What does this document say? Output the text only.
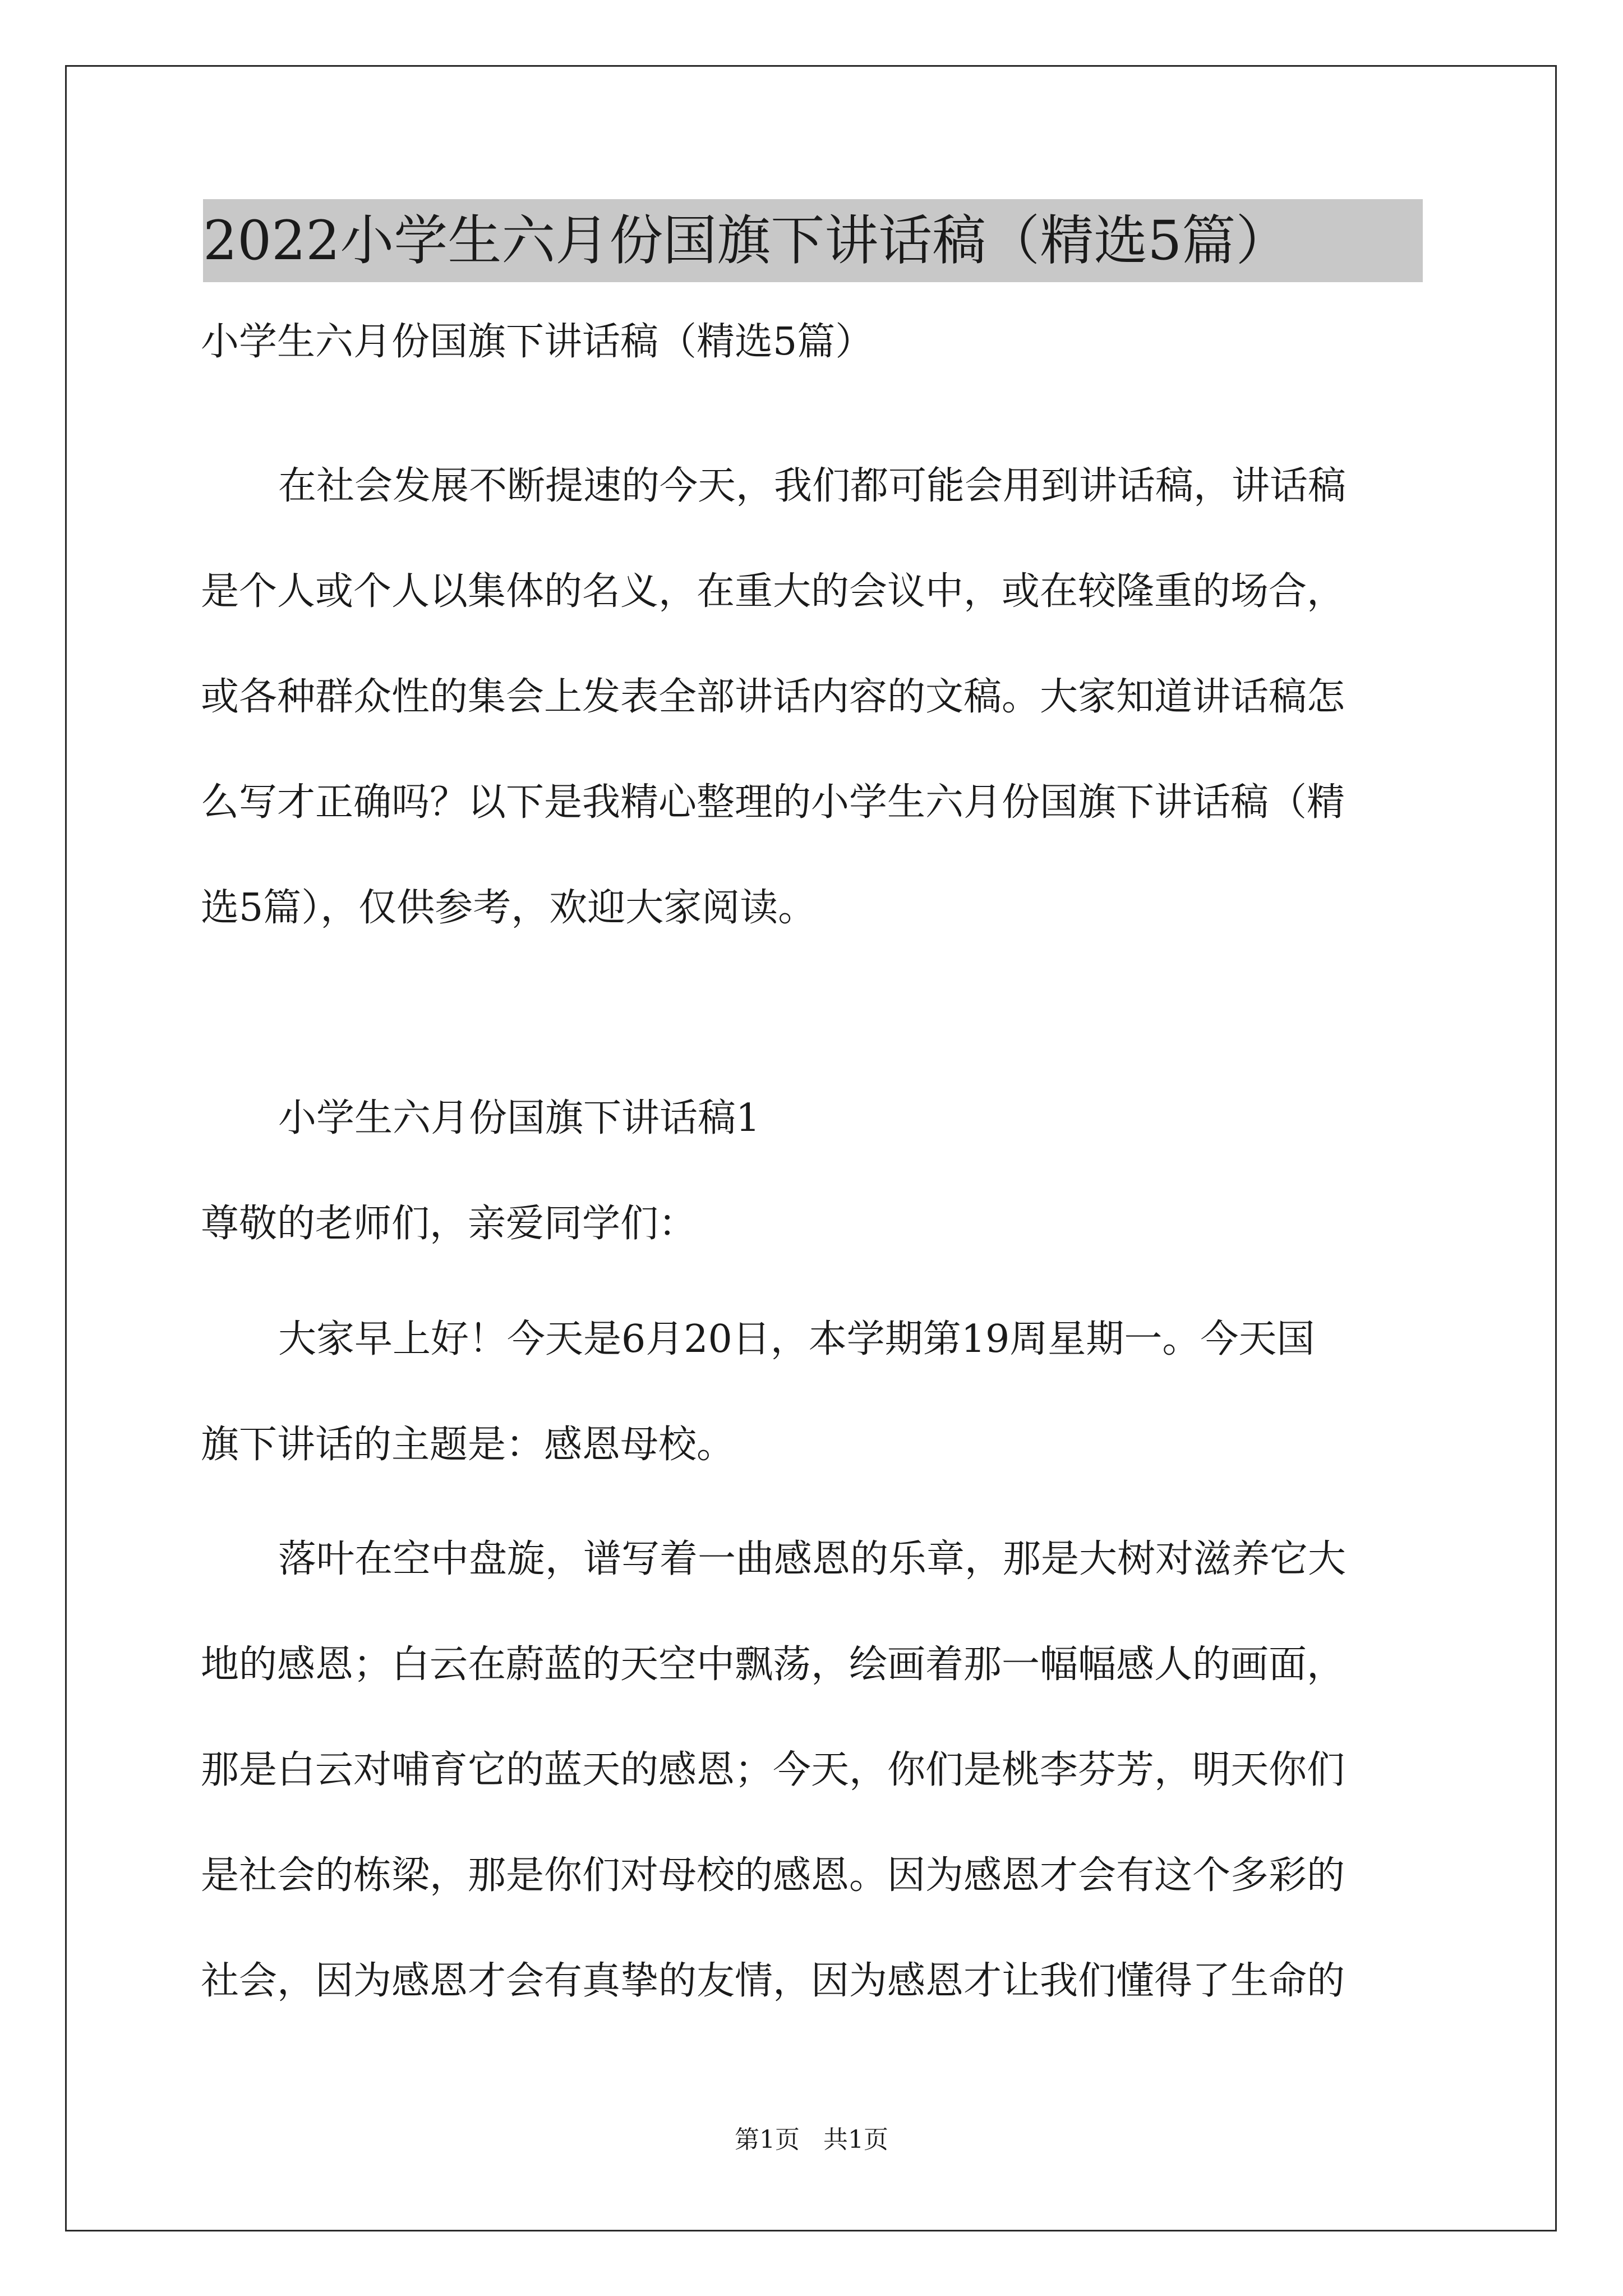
2022小学生六月份国旗下讲话稿（精选5篇）
小学生六月份国旗下讲话稿（精选5篇）
在社会发展不断提速的今天，我们都可能会用到讲话稿，讲话稿
是个人或个人以集体的名义，在重大的会议中，或在较隆重的场合，
或各种群众性的集会上发表全部讲话内容的文稿。大家知道讲话稿怎
么写才正确吗？以下是我精心整理的小学生六月份国旗下讲话稿（精
选5篇），仅供参考，欢迎大家阅读。
小学生六月份国旗下讲话稿1
尊敬的老师们，亲爱同学们：
大家早上好！今天是6月20日，本学期第19周星期一。今天国
旗下讲话的主题是：感恩母校。
落叶在空中盘旋，谱写着一曲感恩的乐章，那是大树对滋养它大
地的感恩；白云在蔚蓝的天空中飘荡，绘画着那一幅幅感人的画面，
那是白云对哺育它的蓝天的感恩；今天，你们是桃李芬芳，明天你们
是社会的栋梁，那是你们对母校的感恩。因为感恩才会有这个多彩的
社会，因为感恩才会有真挚的友情，因为感恩才让我们懂得了生命的
第1页 共1页
